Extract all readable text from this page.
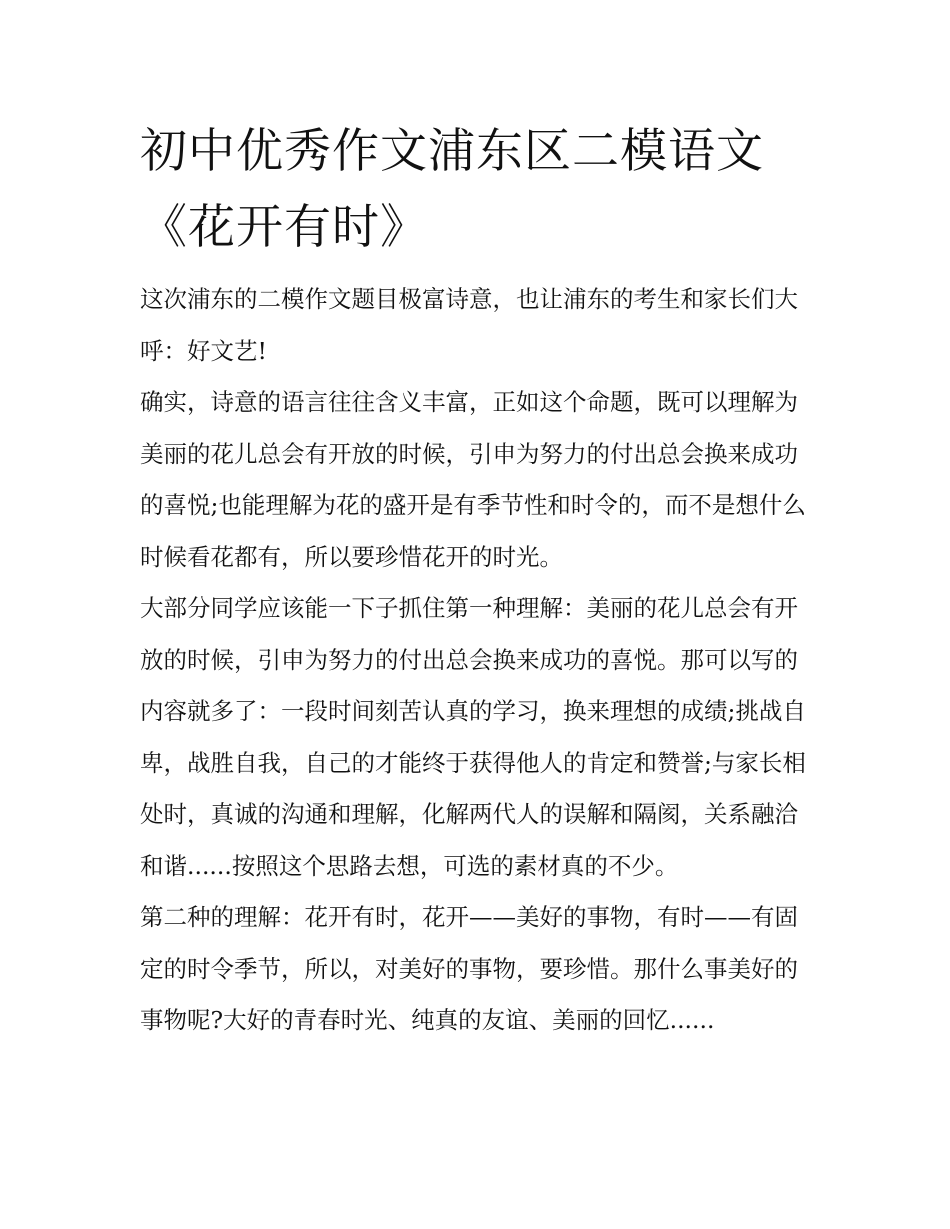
初中优秀作文浦东区二模语文《花开有时》

这次浦东的二模作文题目极富诗意，也让浦东的考生和家长们大呼：好文艺!

确实，诗意的语言往往含义丰富，正如这个命题，既可以理解为美丽的花儿总会有开放的时候，引申为努力的付出总会换来成功的喜悦;也能理解为花的盛开是有季节性和时令的，而不是想什么时候看花都有，所以要珍惜花开的时光。

大部分同学应该能一下子抓住第一种理解：美丽的花儿总会有开放的时候，引申为努力的付出总会换来成功的喜悦。那可以写的内容就多了：一段时间刻苦认真的学习，换来理想的成绩;挑战自卑，战胜自我，自己的才能终于获得他人的肯定和赞誉;与家长相处时，真诚的沟通和理解，化解两代人的误解和隔阂，关系融洽和谐......按照这个思路去想，可选的素材真的不少。

第二种的理解：花开有时，花开——美好的事物，有时——有固定的时令季节，所以，对美好的事物，要珍惜。那什么事美好的事物呢?大好的青春时光、纯真的友谊、美丽的回忆......
